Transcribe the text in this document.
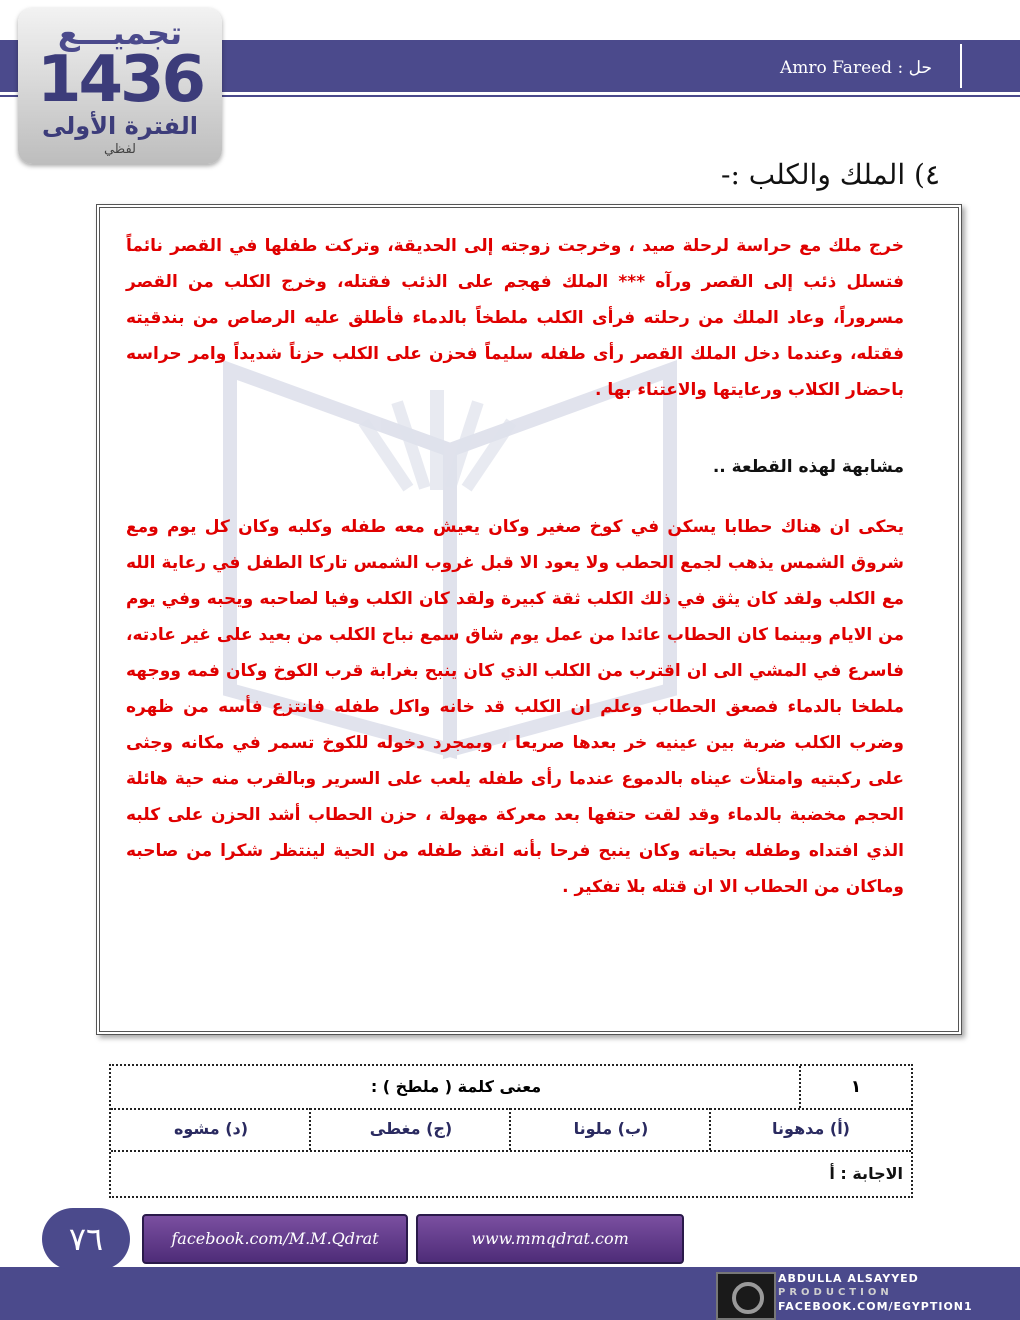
حل : Amro Fareed
تجميـــع
1436
الفترة الأولى
لفظي
٤) الملك والكلب :-
خرج ملك مع حراسة لرحلة صيد ، وخرجت زوجته إلى الحديقة، وتركت طفلها في القصر نائماً فتسلل ذئب إلى القصر ورآه *** الملك فهجم على الذئب فقتله، وخرج الكلب من القصر مسروراً، وعاد الملك من رحلته فرأى الكلب ملطخاً بالدماء فأطلق عليه الرصاص من بندقيته فقتله، وعندما دخل الملك القصر رأى طفله سليماً فحزن على الكلب حزناً شديداً وامر حراسه باحضار الكلاب ورعايتها والاعتناء بها .
مشابهة لهذه القطعة ..
يحكى ان هناك حطابا يسكن في كوخ صغير وكان يعيش معه طفله وكلبه وكان كل يوم ومع شروق الشمس يذهب لجمع الحطب ولا يعود الا قبل غروب الشمس تاركا الطفل في رعاية الله مع الكلب ولقد كان يثق في ذلك الكلب ثقة كبيرة ولقد كان الكلب وفيا لصاحبه ويحبه وفي يوم من الايام وبينما كان الحطاب عائدا من عمل يوم شاق سمع نباح الكلب من بعيد على غير عادته، فاسرع في المشي الى ان اقترب من الكلب الذي كان ينبح بغرابة قرب الكوخ وكان فمه ووجهه ملطخا بالدماء فصعق الحطاب وعلم ان الكلب قد خانه واكل طفله فانتزع فأسه من ظهره وضرب الكلب ضربة بين عينيه خر بعدها صريعا ، وبمجرد دخوله للكوخ تسمر في مكانه وجثى على ركبتيه وامتلأت عيناه بالدموع عندما رأى طفله يلعب على السرير وبالقرب منه حية هائلة الحجم مخضبة بالدماء وقد لقت حتفها بعد معركة مهولة ، حزن الحطاب أشد الحزن على كلبه الذي افتداه وطفله بحياته وكان ينبح فرحا بأنه انقذ طفله من الحية لينتظر شكرا من صاحبه وماكان من الحطاب الا ان قتله بلا تفكير .
١
معنى كلمة ( ملطخ ) :
(أ) مدهونا
(ب) ملونا
(ج) مغطى
(د) مشوه
الاجابة : أ
٧٦	facebook.com/M.M.Qdrat	www.mmqdrat.com
ABDULLA ALSAYYED
PRODUCTION
FACEBOOK.COM/EGYPTION1
